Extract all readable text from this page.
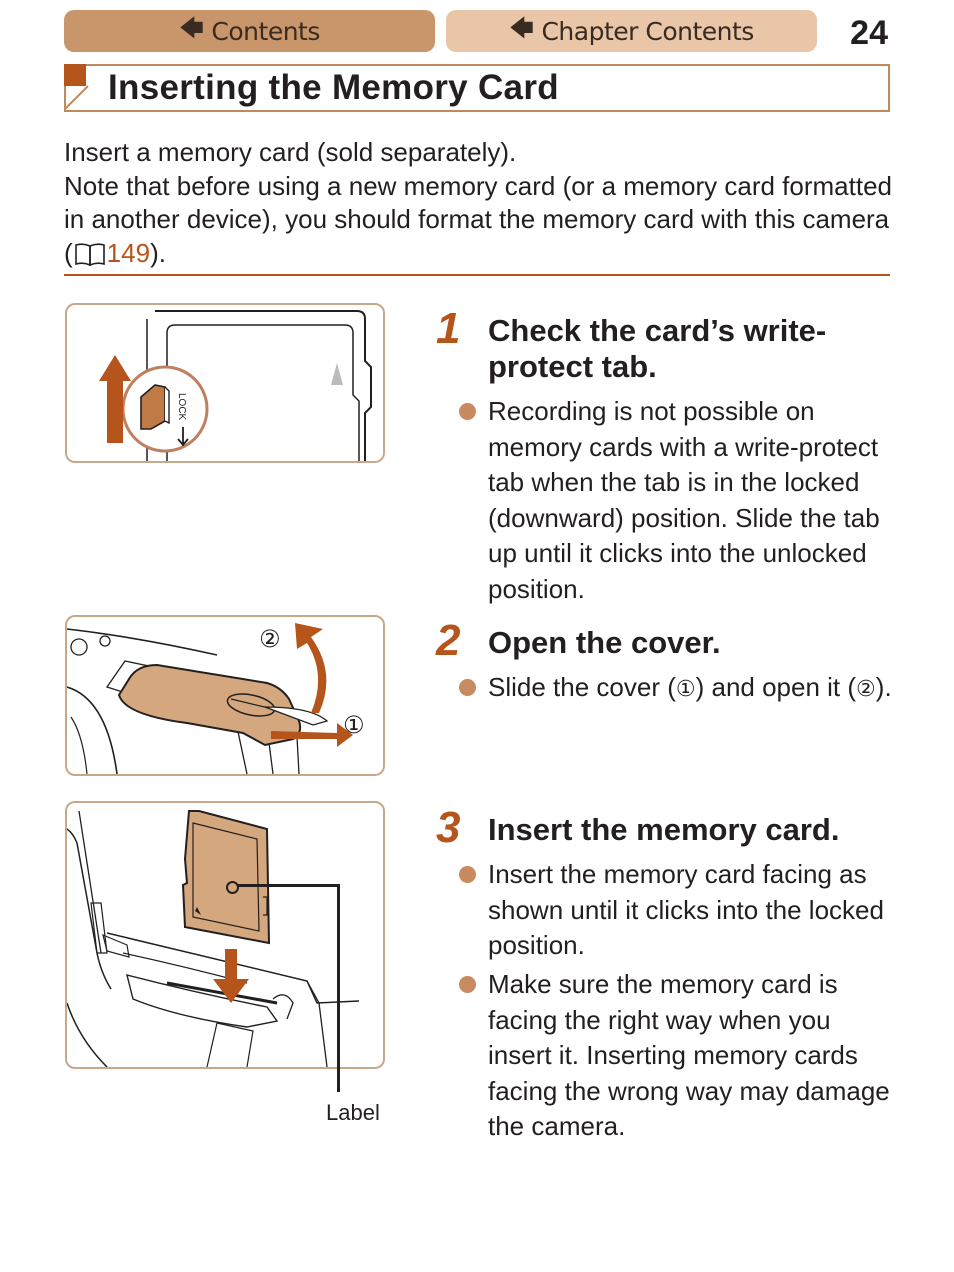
🡄 Contents	🡄 Chapter Contents	24
Inserting the Memory Card

Insert a memory card (sold separately).

Note that before using a new memory card (or a memory card formatted in another device), you should format the memory card with this camera ( 149).

LOCK
②
①
Label
1 Check the card’s write-protect tab.
Recording is not possible on memory cards with a write-protect tab when the tab is in the locked (downward) position. Slide the tab up until it clicks into the unlocked position.
2 Open the cover.
Slide the cover (①) and open it (②).
3 Insert the memory card.
Insert the memory card facing as shown until it clicks into the locked position.
Make sure the memory card is facing the right way when you insert it. Inserting memory cards facing the wrong way may damage the camera.
